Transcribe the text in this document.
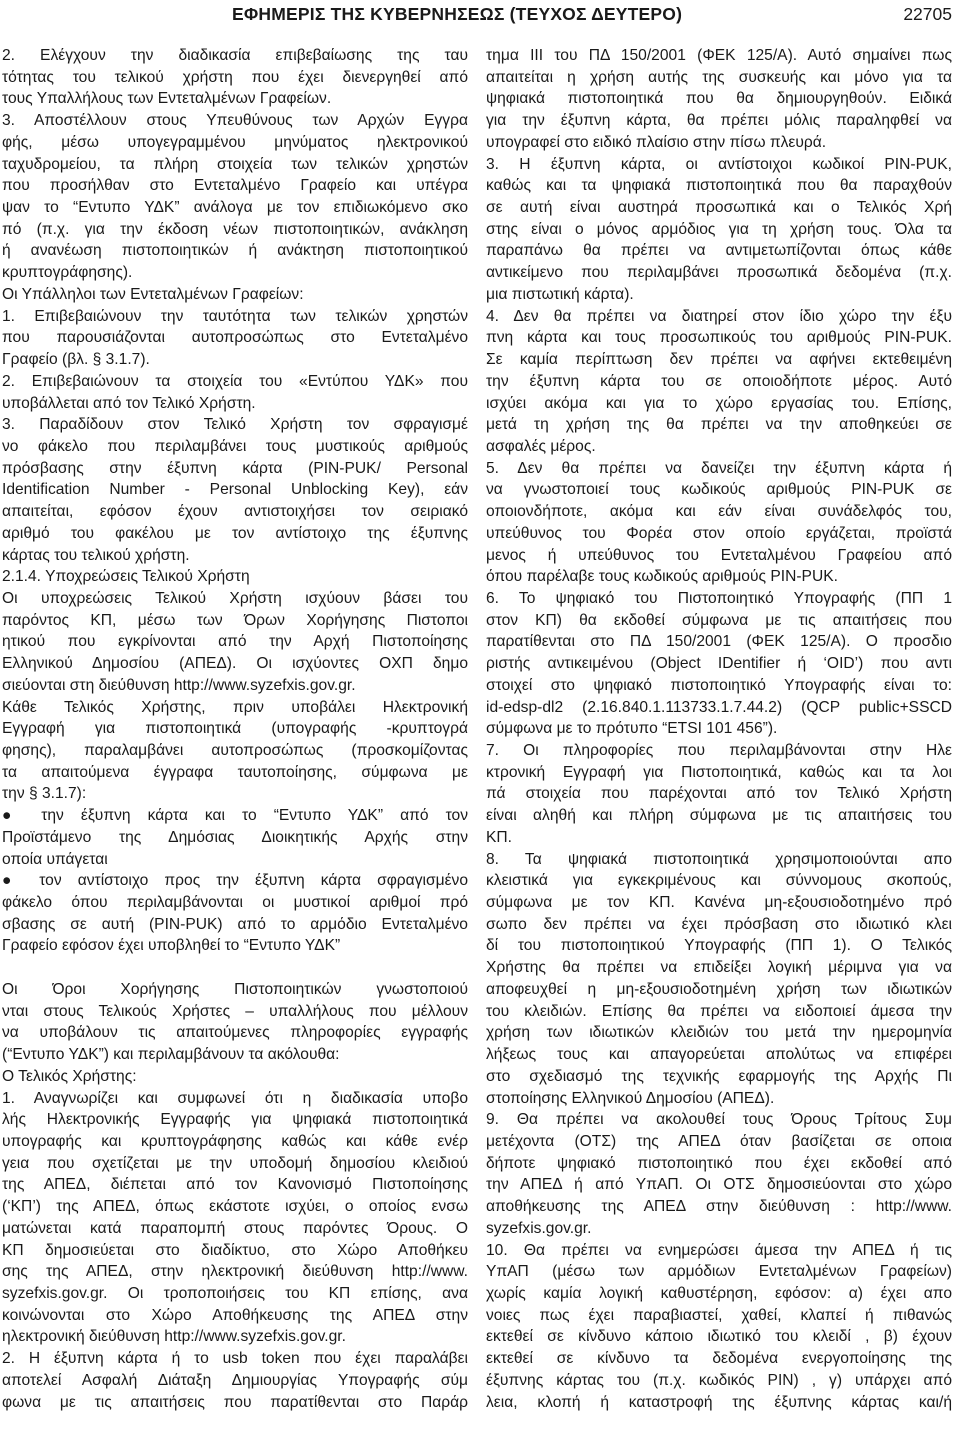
ΕΦΗΜΕΡΙΣ ΤΗΣ ΚΥΒΕΡΝΗΣΕΩΣ (ΤΕΥΧΟΣ ΔΕΥΤΕΡΟ)	22705

2. Ελέγχουν την διαδικασία επιβεβαίωσης της ταυ

τότητας του τελικού χρήστη που έχει διενεργηθεί από

τους Υπαλλήλους των Εντεταλμένων Γραφείων.

3. Αποστέλλουν στους Υπευθύνους των Αρχών Εγγρα

φής, μέσω υπογεγραμμένου μηνύματος ηλεκτρονικού

ταχυδρομείου, τα πλήρη στοιχεία των τελικών χρηστών

που προσήλθαν στο Εντεταλμένο Γραφείο και υπέγρα

ψαν το “Εντυπο ΥΔΚ” ανάλογα με τον επιδιωκόμενο σκο

πό (π.χ. για την έκδοση νέων πιστοποιητικών, ανάκληση

ή ανανέωση πιστοποιητικών ή ανάκτηση πιστοποιητικού

κρυπτογράφησης).

Οι Υπάλληλοι των Εντεταλμένων Γραφείων:

1. Επιβεβαιώνουν την ταυτότητα των τελικών χρηστών

που παρουσιάζονται αυτοπροσώπως στο Εντεταλμένο

Γραφείο (βλ. § 3.1.7).

2. Επιβεβαιώνουν τα στοιχεία του «Εντύπου ΥΔΚ» που

υποβάλλεται από τον Τελικό Χρήστη.

3. Παραδίδουν στον Τελικό Χρήστη τον σφραγισμέ

νο φάκελο που περιλαμβάνει τους μυστικούς αριθμούς

πρόσβασης στην έξυπνη κάρτα (PIN-PUK/ Personal

Identification Number - Personal Unblocking Key), εάν

απαιτείται, εφόσον έχουν αντιστοιχήσει τον σειριακό

αριθμό του φακέλου με τον αντίστοιχο της έξυπνης

κάρτας του τελικού χρήστη.

2.1.4. Υποχρεώσεις Τελικού Χρήστη

Οι υποχρεώσεις Τελικού Χρήστη ισχύουν βάσει του

παρόντος ΚΠ, μέσω των Όρων Χορήγησης Πιστοποι

ητικού που εγκρίνονται από την Αρχή Πιστοποίησης

Ελληνικού Δημοσίου (ΑΠΕΔ). Οι ισχύοντες ΟΧΠ δημο

σιεύονται στη διεύθυνση http://www.syzefxis.gov.gr.

Κάθε Τελικός Χρήστης, πριν υποβάλει Ηλεκτρονική

Εγγραφή για πιστοποιητικά (υπογραφής -κρυπτογρά

φησης), παραλαμβάνει αυτοπροσώπως (προσκομίζοντας

τα απαιτούμενα έγγραφα ταυτοποίησης, σύμφωνα με

την § 3.1.7):

● την έξυπνη κάρτα και το “Εντυπο ΥΔΚ” από τον

Προϊστάμενο της Δημόσιας Διοικητικής Αρχής στην

οποία υπάγεται

● τον αντίστοιχο προς την έξυπνη κάρτα σφραγισμένο

φάκελο όπου περιλαμβάνονται οι μυστικοί αριθμοί πρό

σβασης σε αυτή (PIN-PUK) από το αρμόδιο Εντεταλμένο

Γραφείο εφόσον έχει υποβληθεί το “Εντυπο ΥΔΚ”

Οι Όροι Χορήγησης Πιστοποιητικών γνωστοποιού

νται στους Τελικούς Χρήστες – υπαλλήλους που μέλλουν

να υποβάλουν τις απαιτούμενες πληροφορίες εγγραφής

(“Εντυπο ΥΔΚ”) και περιλαμβάνουν τα ακόλουθα:

Ο Τελικός Χρήστης:

1. Αναγνωρίζει και συμφωνεί ότι η διαδικασία υποβο

λής Ηλεκτρονικής Εγγραφής για ψηφιακά πιστοποιητικά

υπογραφής και κρυπτογράφησης καθώς και κάθε ενέρ

γεια που σχετίζεται με την υποδομή δημοσίου κλειδιού

της ΑΠΕΔ, διέπεται από τον Κανονισμό Πιστοποίησης

(‘ΚΠ’) της ΑΠΕΔ, όπως εκάστοτε ισχύει, ο οποίος ενσω

ματώνεται κατά παραπομπή στους παρόντες Όρους. Ο

ΚΠ δημοσιεύεται στο διαδίκτυο, στο Χώρο Αποθήκευ

σης της ΑΠΕΔ, στην ηλεκτρονική διεύθυνση http://www.

syzefxis.gov.gr. Οι τροποποιήσεις του ΚΠ επίσης, ανα

κοινώνονται στο Χώρο Αποθήκευσης της ΑΠΕΔ στην

ηλεκτρονική διεύθυνση http://www.syzefxis.gov.gr.

2. Η έξυπνη κάρτα ή το usb token που έχει παραλάβει

αποτελεί Ασφαλή Διάταξη Δημιουργίας Υπογραφής σύμ

φωνα με τις απαιτήσεις που παρατίθενται στο Παράρ

τημα ΙΙΙ του ΠΔ 150/2001 (ΦΕΚ 125/Α). Αυτό σημαίνει πως

απαιτείται η χρήση αυτής της συσκευής και μόνο για τα

ψηφιακά πιστοποιητικά που θα δημιουργηθούν. Ειδικά

για την έξυπνη κάρτα, θα πρέπει μόλις παραληφθεί να

υπογραφεί στο ειδικό πλαίσιο στην πίσω πλευρά.

3. Η έξυπνη κάρτα, οι αντίστοιχοι κωδικοί PIN-PUK,

καθώς και τα ψηφιακά πιστοποιητικά που θα παραχθούν

σε αυτή είναι αυστηρά προσωπικά και ο Τελικός Χρή

στης είναι ο μόνος αρμόδιος για τη χρήση τους. Όλα τα

παραπάνω θα πρέπει να αντιμετωπίζονται όπως κάθε

αντικείμενο που περιλαμβάνει προσωπικά δεδομένα (π.χ.

μια πιστωτική κάρτα).

4. Δεν θα πρέπει να διατηρεί στον ίδιο χώρο την έξυ

πνη κάρτα και τους προσωπικούς του αριθμούς PIN-PUK.

Σε καμία περίπτωση δεν πρέπει να αφήνει εκτεθειμένη

την έξυπνη κάρτα του σε οποιοδήποτε μέρος. Αυτό

ισχύει ακόμα και για το χώρο εργασίας του. Επίσης,

μετά τη χρήση της θα πρέπει να την αποθηκεύει σε

ασφαλές μέρος.

5. Δεν θα πρέπει να δανείζει την έξυπνη κάρτα ή

να γνωστοποιεί τους κωδικούς αριθμούς PIN-PUK σε

οποιονδήποτε, ακόμα και εάν είναι συνάδελφός του,

υπεύθυνος του Φορέα στον οποίο εργάζεται, προϊστά

μενος ή υπεύθυνος του Εντεταλμένου Γραφείου από

όπου παρέλαβε τους κωδικούς αριθμούς PIN-PUK.

6. Το ψηφιακό του Πιστοποιητικό Υπογραφής (ΠΠ 1

στον ΚΠ) θα εκδοθεί σύμφωνα με τις απαιτήσεις που

παρατίθενται στο ΠΔ 150/2001 (ΦΕΚ 125/Α). Ο προσδιο

ριστής αντικειμένου (Object IDentifier ή ‘OID’) που αντι

στοιχεί στο ψηφιακό πιστοποιητικό Υπογραφής είναι το:

id-edsp-dl2 (2.16.840.1.113733.1.7.44.2) (QCP public+SSCD

σύμφωνα με το πρότυπο “ETSI 101 456”).

7. Οι πληροφορίες που περιλαμβάνονται στην Ηλε

κτρονική Εγγραφή για Πιστοποιητικά, καθώς και τα λοι

πά στοιχεία που παρέχονται από τον Τελικό Χρήστη

είναι αληθή και πλήρη σύμφωνα με τις απαιτήσεις του

ΚΠ.

8. Τα ψηφιακά πιστοποιητικά χρησιμοποιούνται απο

κλειστικά για εγκεκριμένους και σύννομους σκοπούς,

σύμφωνα με τον ΚΠ. Κανένα μη-εξουσιοδοτημένο πρό

σωπο δεν πρέπει να έχει πρόσβαση στο ιδιωτικό κλει

δί του πιστοποιητικού Υπογραφής (ΠΠ 1). Ο Τελικός

Χρήστης θα πρέπει να επιδείξει λογική μέριμνα για να

αποφευχθεί η μη-εξουσιοδοτημένη χρήση των ιδιωτικών

του κλειδιών. Επίσης θα πρέπει να ειδοποιεί άμεσα την

χρήση των ιδιωτικών κλειδιών του μετά την ημερομηνία

λήξεως τους και απαγορεύεται απολύτως να επιφέρει

στο σχεδιασμό της τεχνικής εφαρμογής της Αρχής Πι

στοποίησης Ελληνικού Δημοσίου (ΑΠΕΔ).

9. Θα πρέπει να ακολουθεί τους Όρους Τρίτους Συμ

μετέχοντα (ΟΤΣ) της ΑΠΕΔ όταν βασίζεται σε οποια

δήποτε ψηφιακό πιστοποιητικό που έχει εκδοθεί από

την ΑΠΕΔ ή από ΥπΑΠ. Οι ΟΤΣ δημοσιεύονται στο χώρο

αποθήκευσης της ΑΠΕΔ στην διεύθυνση : http://www.

syzefxis.gov.gr.

10. Θα πρέπει να ενημερώσει άμεσα την ΑΠΕΔ ή τις

ΥπΑΠ (μέσω των αρμόδιων Εντεταλμένων Γραφείων)

χωρίς καμία λογική καθυστέρηση, εφόσον: α) έχει απο

νοιες πως έχει παραβιαστεί, χαθεί, κλαπεί ή πιθανώς

εκτεθεί σε κίνδυνο κάποιο ιδιωτικό του κλειδί , β) έχουν

εκτεθεί σε κίνδυνο τα δεδομένα ενεργοποίησης της

έξυπνης κάρτας του (π.χ. κωδικός PIN) , γ) υπάρχει από

λεια, κλοπή ή καταστροφή της έξυπνης κάρτας και/ή
